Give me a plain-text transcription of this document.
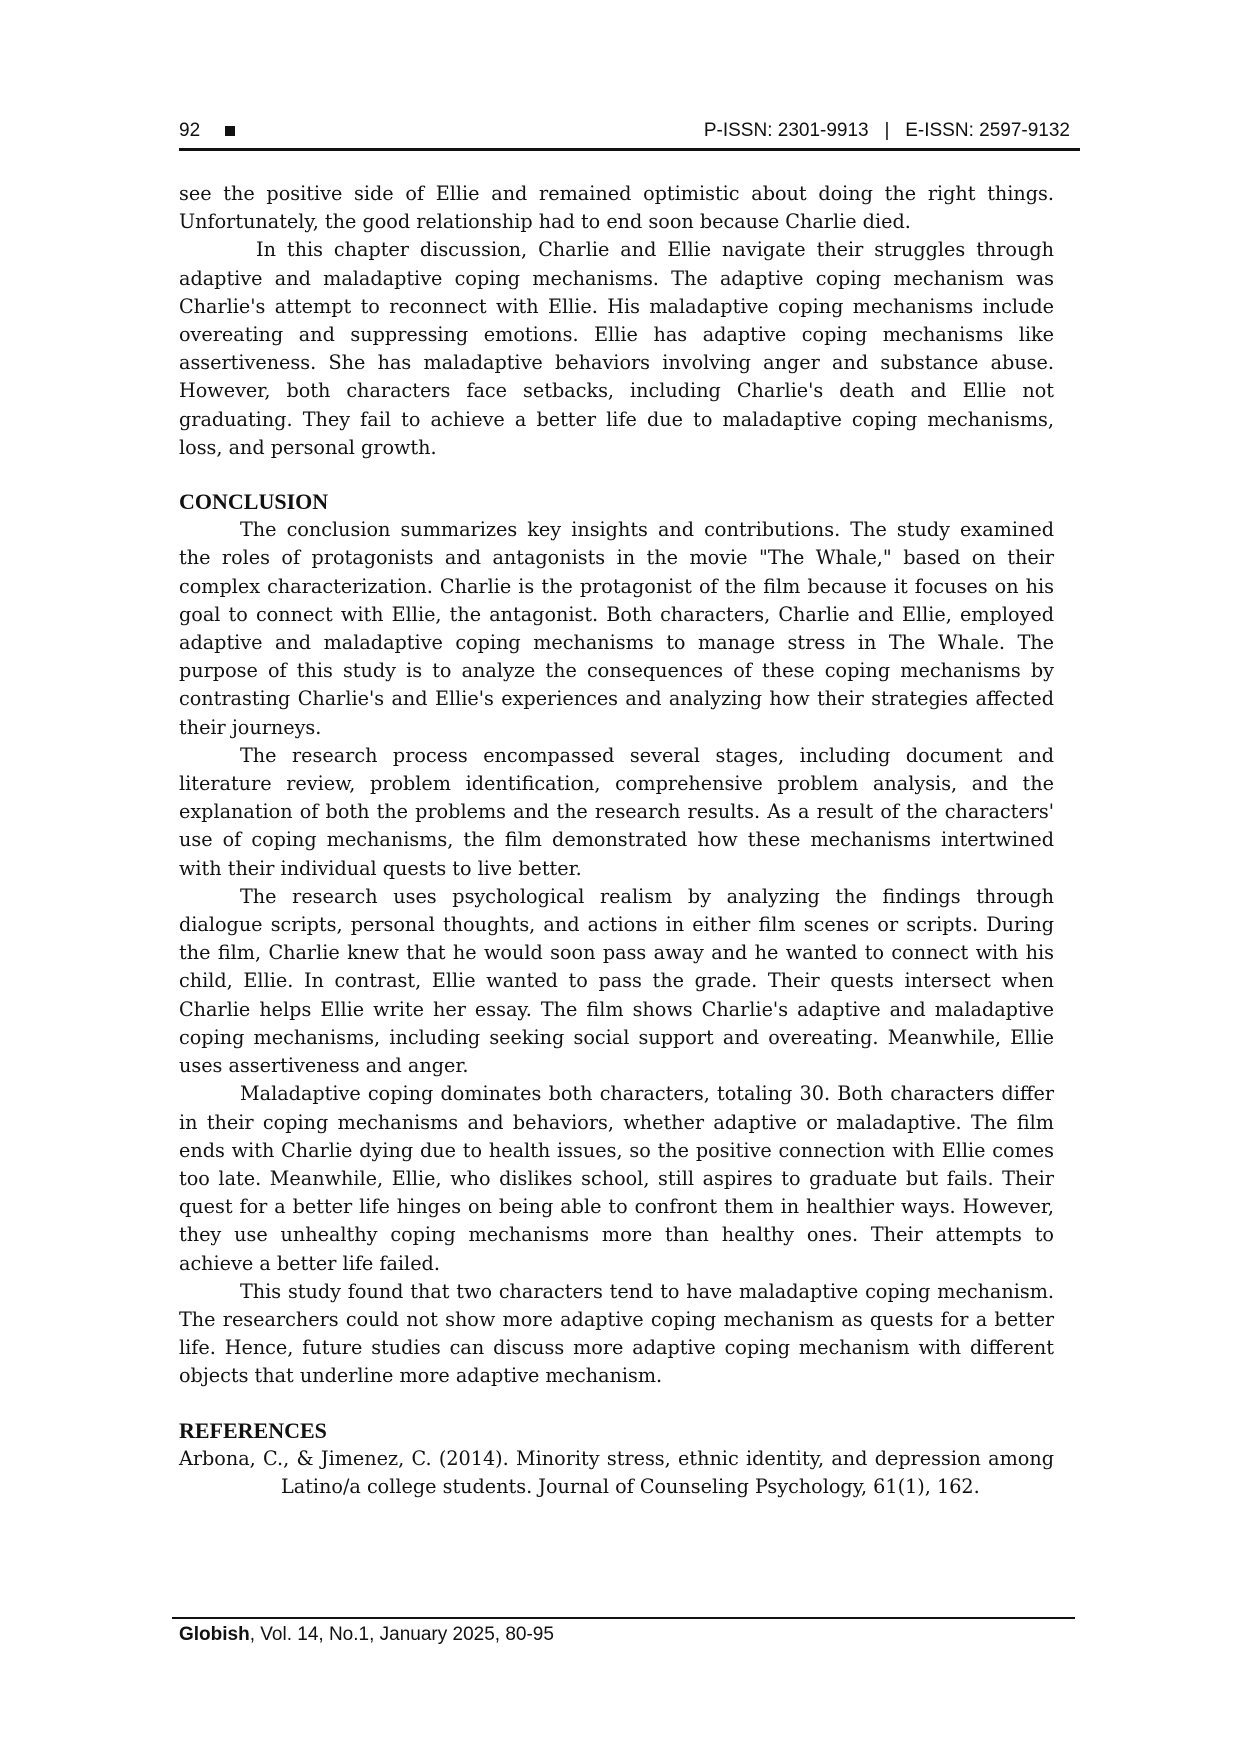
92	P-ISSN: 2301-9913   |   E-ISSN: 2597-9132

see the positive side of Ellie and remained optimistic about doing the right things. Unfortunately, the good relationship had to end soon because Charlie died.

In this chapter discussion, Charlie and Ellie navigate their struggles through adaptive and maladaptive coping mechanisms. The adaptive coping mechanism was Charlie's attempt to reconnect with Ellie. His maladaptive coping mechanisms include overeating and suppressing emotions. Ellie has adaptive coping mechanisms like assertiveness. She has maladaptive behaviors involving anger and substance abuse. However, both characters face setbacks, including Charlie's death and Ellie not graduating. They fail to achieve a better life due to maladaptive coping mechanisms, loss, and personal growth.

CONCLUSION

The conclusion summarizes key insights and contributions. The study examined the roles of protagonists and antagonists in the movie "The Whale," based on their complex characterization. Charlie is the protagonist of the film because it focuses on his goal to connect with Ellie, the antagonist. Both characters, Charlie and Ellie, employed adaptive and maladaptive coping mechanisms to manage stress in The Whale. The purpose of this study is to analyze the consequences of these coping mechanisms by contrasting Charlie's and Ellie's experiences and analyzing how their strategies affected their journeys.

The research process encompassed several stages, including document and literature review, problem identification, comprehensive problem analysis, and the explanation of both the problems and the research results. As a result of the characters' use of coping mechanisms, the film demonstrated how these mechanisms intertwined with their individual quests to live better.

The research uses psychological realism by analyzing the findings through dialogue scripts, personal thoughts, and actions in either film scenes or scripts. During the film, Charlie knew that he would soon pass away and he wanted to connect with his child, Ellie. In contrast, Ellie wanted to pass the grade. Their quests intersect when Charlie helps Ellie write her essay. The film shows Charlie's adaptive and maladaptive coping mechanisms, including seeking social support and overeating. Meanwhile, Ellie uses assertiveness and anger.

Maladaptive coping dominates both characters, totaling 30. Both characters differ in their coping mechanisms and behaviors, whether adaptive or maladaptive. The film ends with Charlie dying due to health issues, so the positive connection with Ellie comes too late. Meanwhile, Ellie, who dislikes school, still aspires to graduate but fails. Their quest for a better life hinges on being able to confront them in healthier ways. However, they use unhealthy coping mechanisms more than healthy ones. Their attempts to achieve a better life failed.

This study found that two characters tend to have maladaptive coping mechanism. The researchers could not show more adaptive coping mechanism as quests for a better life. Hence, future studies can discuss more adaptive coping mechanism with different objects that underline more adaptive mechanism.

REFERENCES

Arbona, C., & Jimenez, C. (2014). Minority stress, ethnic identity, and depression among Latino/a college students. Journal of Counseling Psychology, 61(1), 162.

Globish, Vol. 14, No.1, January 2025, 80-95
